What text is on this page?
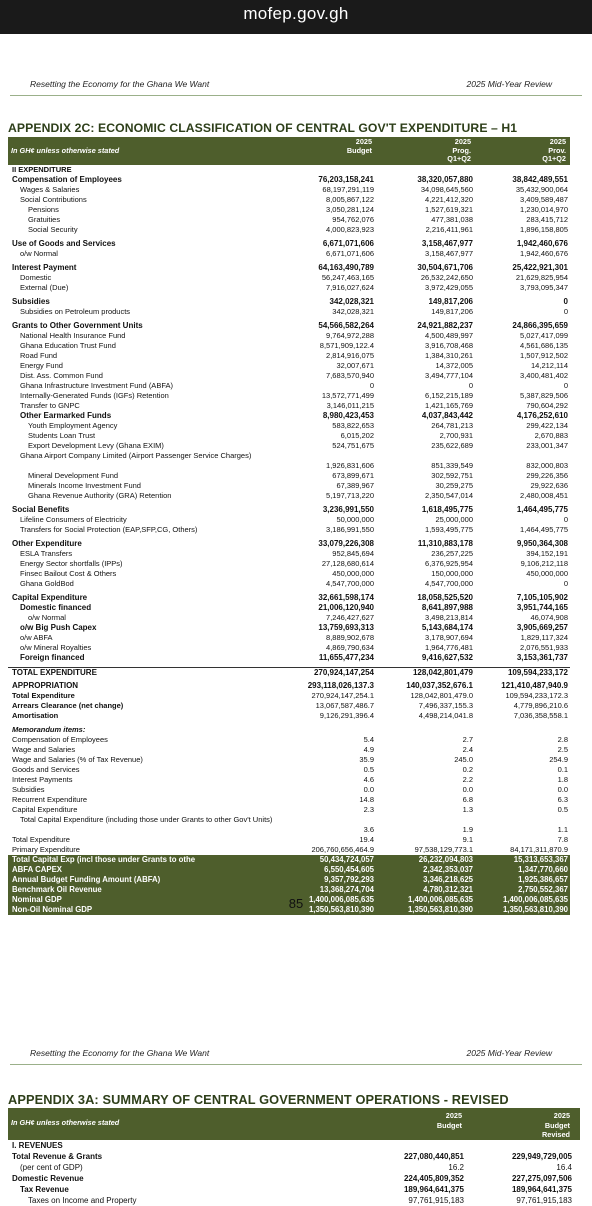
mofep.gov.gh
Resetting the Economy for the Ghana We Want	2025 Mid-Year Review
APPENDIX 2C: ECONOMIC CLASSIFICATION OF CENTRAL GOV'T EXPENDITURE – H1
In GH¢ unless otherwise stated
2025
Budget
2025
Prog.
Q1+Q2
2025
Prov.
Q1+Q2
II EXPENDITURE
Compensation of Employees	76,203,158,241	38,320,057,880	38,842,489,551
Wages & Salaries	68,197,291,119	34,098,645,560	35,432,900,064
Social Contributions	8,005,867,122	4,221,412,320	3,409,589,487
Pensions	3,050,281,124	1,527,619,321	1,230,014,970
Gratuities	954,762,076	477,381,038	283,415,712
Social Security	4,000,823,923	2,216,411,961	1,896,158,805
Use of Goods and Services	6,671,071,606	3,158,467,977	1,942,460,676
o/w Normal	6,671,071,606	3,158,467,977	1,942,460,676
Interest Payment	64,163,490,789	30,504,671,706	25,422,921,301
Domestic	56,247,463,165	26,532,242,650	21,629,825,954
External (Due)	7,916,027,624	3,972,429,055	3,793,095,347
Subsidies	342,028,321	149,817,206	0
Subsidies on Petroleum products	342,028,321	149,817,206	0
Grants to Other Government Units	54,566,582,264	24,921,882,237	24,866,395,659
National Health Insurance Fund	9,764,972,288	4,500,489,997	5,027,417,099
Ghana Education Trust Fund	8,571,909,122.4	3,916,708,468	4,561,686,135
Road Fund	2,814,916,075	1,384,310,261	1,507,912,502
Energy Fund	32,007,671	14,372,005	14,212,114
Dist. Ass. Common Fund	7,683,570,940	3,494,777,104	3,400,481,402
Ghana Infrastructure Investment Fund (ABFA)	0	0	0
Internally-Generated Funds (IGFs) Retention	13,572,771,499	6,152,215,189	5,387,829,506
Transfer to GNPC	3,146,011,215	1,421,165,769	790,604,292
Other Earmarked Funds	8,980,423,453	4,037,843,442	4,176,252,610
Youth Employment Agency	583,822,653	264,781,213	299,422,134
Students Loan Trust	6,015,202	2,700,931	2,670,883
Export Development Levy (Ghana EXIM)	524,751,675	235,622,689	233,001,347
Ghana Airport Company Limited (Airport Passenger Service Charges)
1,926,831,606	851,339,549	832,000,803
Mineral Development Fund	673,899,671	302,592,751	299,226,356
Minerals Income Investment Fund	67,389,967	30,259,275	29,922,636
Ghana Revenue Authority (GRA) Retention	5,197,713,220	2,350,547,014	2,480,008,451
Social Benefits	3,236,991,550	1,618,495,775	1,464,495,775
Lifeline Consumers of Electricity	50,000,000	25,000,000	0
Transfers for Social Protection (EAP,SFP,CG, Others)	3,186,991,550	1,593,495,775	1,464,495,775
Other Expenditure	33,079,226,308	11,310,883,178	9,950,364,308
ESLA Transfers	952,845,694	236,257,225	394,152,191
Energy Sector shortfalls (IPPs)	27,128,680,614	6,376,925,954	9,106,212,118
Finsec Bailout Cost & Others	450,000,000	150,000,000	450,000,000
Ghana GoldBod	4,547,700,000	4,547,700,000	0
Capital Expenditure	32,661,598,174	18,058,525,520	7,105,105,902
Domestic financed	21,006,120,940	8,641,897,988	3,951,744,165
o/w Normal	7,246,427,627	3,498,213,814	46,074,908
o/w Big Push Capex	13,759,693,313	5,143,684,174	3,905,669,257
o/w ABFA	8,889,902,678	3,178,907,694	1,829,117,324
o/w Mineral Royalties	4,869,790,634	1,964,776,481	2,076,551,933
Foreign financed	11,655,477,234	9,416,627,532	3,153,361,737
TOTAL EXPENDITURE	270,924,147,254	128,042,801,479	109,594,233,172
APPROPRIATION	293,118,026,137.3	140,037,352,676.1	121,410,487,940.9
Total Expenditure	270,924,147,254.1	128,042,801,479.0	109,594,233,172.3
Arrears Clearance (net change)	13,067,587,486.7	7,496,337,155.3	4,779,896,210.6
Amortisation	9,126,291,396.4	4,498,214,041.8	7,036,358,558.1
Memorandum items:
Compensation of Employees	5.4	2.7	2.8
Wage and Salaries	4.9	2.4	2.5
Wage and Salaries (% of Tax Revenue)	35.9	245.0	254.9
Goods and Services	0.5	0.2	0.1
Interest Payments	4.6	2.2	1.8
Subsidies	0.0	0.0	0.0
Recurrent Expenditure	14.8	6.8	6.3
Capital Expenditure	2.3	1.3	0.5
Total Capital Expenditure (including those under Grants to other Gov't Units)
3.6	1.9	1.1
Total Expenditure	19.4	9.1	7.8
Primary Expenditure	206,760,656,464.9	97,538,129,773.1	84,171,311,870.9
Total Capital Exp (incl those under Grants to othe	50,434,724,057	26,232,094,803	15,313,653,367
ABFA CAPEX	6,550,454,605	2,342,353,037	1,347,770,660
Annual Budget Funding Amount (ABFA)	9,357,792,293	3,346,218,625	1,925,386,657
Benchmark Oil Revenue	13,368,274,704	4,780,312,321	2,750,552,367
Nominal GDP	1,400,006,085,635	1,400,006,085,635	1,400,006,085,635
Non-Oil Nominal GDP	1,350,563,810,390	1,350,563,810,390	1,350,563,810,390
85
Resetting the Economy for the Ghana We Want	2025 Mid-Year Review
APPENDIX 3A: SUMMARY OF CENTRAL GOVERNMENT OPERATIONS - REVISED
In GH¢ unless otherwise stated
2025
Budget
2025
Budget
Revised
I. REVENUES
Total Revenue & Grants	227,080,440,851	229,949,729,005
(per cent of GDP)	16.2	16.4
Domestic Revenue	224,405,809,352	227,275,097,506
Tax Revenue	189,964,641,375	189,964,641,375
Taxes on Income and Property	97,761,915,183	97,761,915,183
